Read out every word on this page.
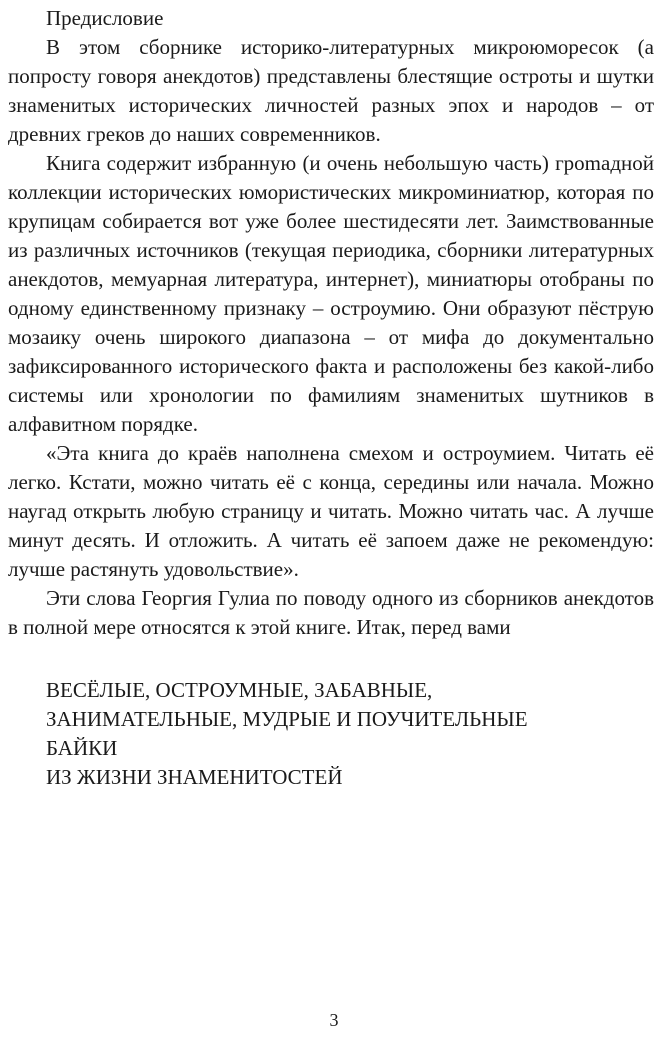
Предисловие

В этом сборнике историко-литературных микроюморесок (а попросту говоря анекдотов) представлены блестящие остроты и шутки знаменитых исторических личностей разных эпох и народов – от древних греков до наших современников.

Книга содержит избранную (и очень небольшую часть) гроmадной коллекции исторических юмористических микроминиатюр, которая по крупицам собирается вот уже более шестидесяти лет. Заимствованные из различных источников (текущая периодика, сборники литературных анекдотов, мемуарная литература, интернет), миниатюры отобраны по одному единственному признаку – остроумию. Они образуют пёструю мозаику очень широкого диапазона – от мифа до документально зафиксированного исторического факта и расположены без какой-либо системы или хронологии по фамилиям знаменитых шутников в алфавитном порядке.

«Эта книга до краёв наполнена смехом и остроумием. Читать её легко. Кстати, можно читать её с конца, середины или начала. Можно наугад открыть любую страницу и читать. Можно читать час. А лучше минут десять. И отложить. А читать её запоем даже не рекомендую: лучше растянуть удовольствие».

Эти слова Георгия Гулиа по поводу одного из сборников анекдотов в полной мере относятся к этой книге. Итак, перед вами

ВЕСЁЛЫЕ, ОСТРОУМНЫЕ, ЗАБАВНЫЕ,
ЗАНИМАТЕЛЬНЫЕ, МУДРЫЕ И ПОУЧИТЕЛЬНЫЕ
БАЙКИ
ИЗ ЖИЗНИ ЗНАМЕНИТОСТЕЙ
3
